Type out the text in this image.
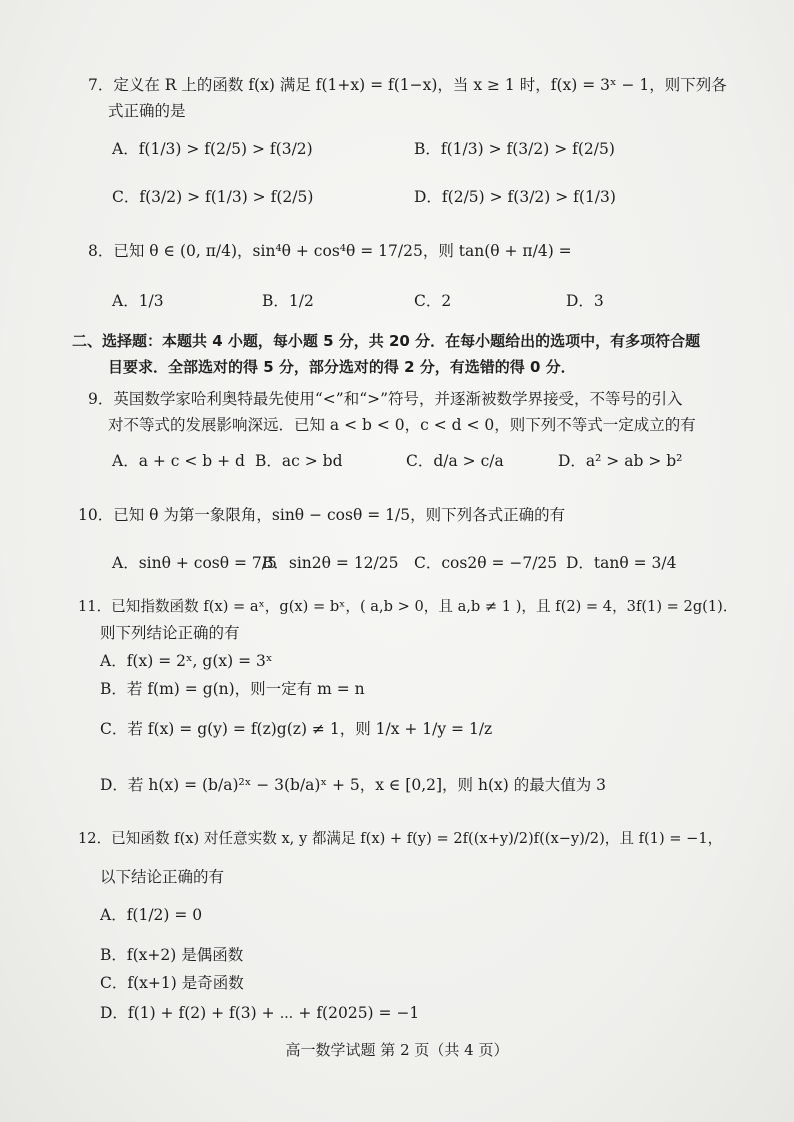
7．定义在 R 上的函数 f(x) 满足 f(1+x) = f(1−x)，当 x ≥ 1 时，f(x) = 3ˣ − 1，则下列各
式正确的是
A．f(1/3) > f(2/5) > f(3/2)	B．f(1/3) > f(3/2) > f(2/5)
C．f(3/2) > f(1/3) > f(2/5)	D．f(2/5) > f(3/2) > f(1/3)
8．已知 θ ∈ (0, π/4)，sin⁴θ + cos⁴θ = 17/25，则 tan(θ + π/4) =
A．1/3	B．1/2	C．2	D．3
二、选择题：本题共 4 小题，每小题 5 分，共 20 分．在每小题给出的选项中，有多项符合题
目要求．全部选对的得 5 分，部分选对的得 2 分，有选错的得 0 分．
9．英国数学家哈利奥特最先使用“<”和“>”符号，并逐渐被数学界接受，不等号的引入
对不等式的发展影响深远．已知 a < b < 0，c < d < 0，则下列不等式一定成立的有
A．a + c < b + d B．ac > bd	C．d/a > c/a	D．a² > ab > b²
10．已知 θ 为第一象限角，sinθ − cosθ = 1/5，则下列各式正确的有
A．sinθ + cosθ = 7/5
B．sin2θ = 12/25 C．cos2θ = −7/25 D．tanθ = 3/4
11．已知指数函数 f(x) = aˣ，g(x) = bˣ，( a,b > 0，且 a,b ≠ 1 )，且 f(2) = 4，3f(1) = 2g(1)．
则下列结论正确的有
A．f(x) = 2ˣ, g(x) = 3ˣ
B．若 f(m) = g(n)，则一定有 m = n
C．若 f(x) = g(y) = f(z)g(z) ≠ 1，则 1/x + 1/y = 1/z
D．若 h(x) = (b/a)²ˣ − 3(b/a)ˣ + 5，x ∈ [0,2]，则 h(x) 的最大值为 3
12．已知函数 f(x) 对任意实数 x, y 都满足 f(x) + f(y) = 2f((x+y)/2)f((x−y)/2)，且 f(1) = −1，
以下结论正确的有
A．f(1/2) = 0
B．f(x+2) 是偶函数
C．f(x+1) 是奇函数
D．f(1) + f(2) + f(3) + ⋯ + f(2025) = −1
高一数学试题 第 2 页（共 4 页）
